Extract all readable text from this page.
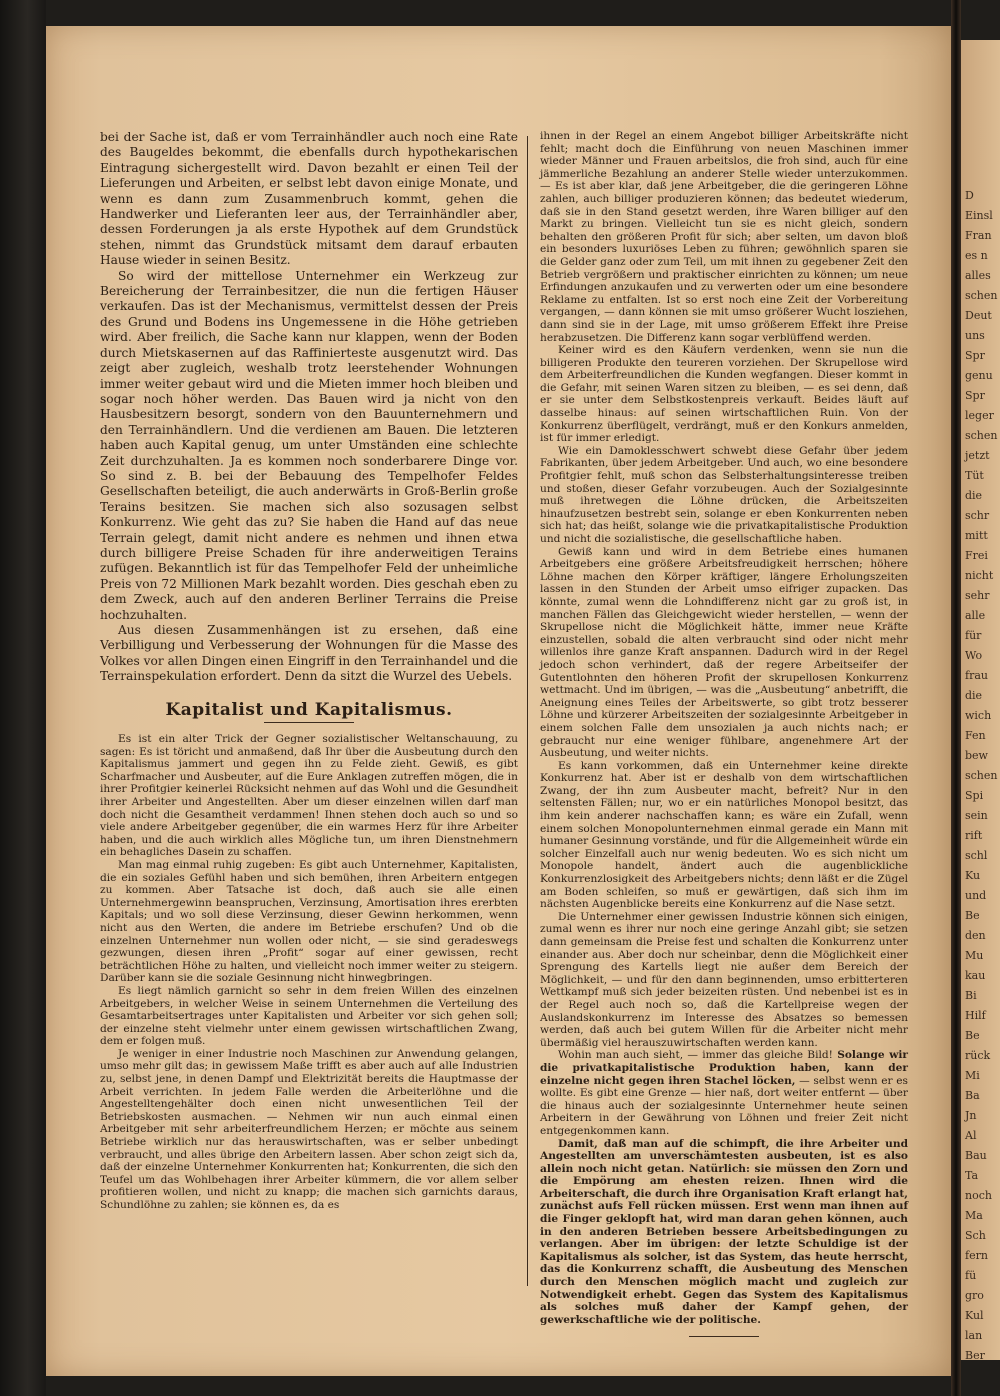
bei der Sache ist, daß er vom Terrainhändler auch noch eine Rate des Baugeldes bekommt, die ebenfalls durch hypothekarischen Eintragung sichergestellt wird. Davon bezahlt er einen Teil der Lieferungen und Arbeiten, er selbst lebt davon einige Monate, und wenn es dann zum Zusammenbruch kommt, gehen die Handwerker und Lieferanten leer aus, der Terrainhändler aber, dessen Forderungen ja als erste Hypothek auf dem Grundstück stehen, nimmt das Grundstück mitsamt dem darauf erbauten Hause wieder in seinen Besitz.

So wird der mittellose Unternehmer ein Werkzeug zur Bereicherung der Terrainbesitzer, die nun die fertigen Häuser verkaufen. Das ist der Mechanismus, vermittelst dessen der Preis des Grund und Bodens ins Ungemessene in die Höhe getrieben wird. Aber freilich, die Sache kann nur klappen, wenn der Boden durch Mietskasernen auf das Raffinierteste ausgenutzt wird. Das zeigt aber zugleich, weshalb trotz leerstehender Wohnungen immer weiter gebaut wird und die Mieten immer hoch bleiben und sogar noch höher werden. Das Bauen wird ja nicht von den Hausbesitzern besorgt, sondern von den Bauunternehmern und den Terrainhändlern. Und die verdienen am Bauen. Die letzteren haben auch Kapital genug, um unter Umständen eine schlechte Zeit durchzuhalten. Ja es kommen noch sonderbarere Dinge vor. So sind z. B. bei der Bebauung des Tempelhofer Feldes Gesellschaften beteiligt, die auch anderwärts in Groß-Berlin große Terains besitzen. Sie machen sich also sozusagen selbst Konkurrenz. Wie geht das zu? Sie haben die Hand auf das neue Terrain gelegt, damit nicht andere es nehmen und ihnen etwa durch billigere Preise Schaden für ihre anderweitigen Terains zufügen. Bekanntlich ist für das Tempelhofer Feld der unheimliche Preis von 72 Millionen Mark bezahlt worden. Dies geschah eben zu dem Zweck, auch auf den anderen Berliner Terrains die Preise hochzuhalten.

Aus diesen Zusammenhängen ist zu ersehen, daß eine Verbilligung und Verbesserung der Wohnungen für die Masse des Volkes vor allen Dingen einen Eingriff in den Terrainhandel und die Terrainspekulation erfordert. Denn da sitzt die Wurzel des Uebels.

Kapitalist und Kapitalismus.

Es ist ein alter Trick der Gegner sozialistischer Weltanschauung, zu sagen: Es ist töricht und anmaßend, daß Ihr über die Ausbeutung durch den Kapitalismus jammert und gegen ihn zu Felde zieht. Gewiß, es gibt Scharfmacher und Ausbeuter, auf die Eure Anklagen zutreffen mögen, die in ihrer Profitgier keinerlei Rücksicht nehmen auf das Wohl und die Gesundheit ihrer Arbeiter und Angestellten. Aber um dieser einzelnen willen darf man doch nicht die Gesamtheit verdammen! Ihnen stehen doch auch so und so viele andere Arbeitgeber gegenüber, die ein warmes Herz für ihre Arbeiter haben, und die auch wirklich alles Mögliche tun, um ihren Dienstnehmern ein behagliches Dasein zu schaffen.

Man mag einmal ruhig zugeben: Es gibt auch Unternehmer, Kapitalisten, die ein soziales Gefühl haben und sich bemühen, ihren Arbeitern entgegen zu kommen. Aber Tatsache ist doch, daß auch sie alle einen Unternehmergewinn beanspruchen, Verzinsung, Amortisation ihres ererbten Kapitals; und wo soll diese Verzinsung, dieser Gewinn herkommen, wenn nicht aus den Werten, die andere im Betriebe erschufen? Und ob die einzelnen Unternehmer nun wollen oder nicht, — sie sind geradeswegs gezwungen, diesen ihren „Profit“ sogar auf einer gewissen, recht beträchtlichen Höhe zu halten, und vielleicht noch immer weiter zu steigern. Darüber kann sie die soziale Gesinnung nicht hinwegbringen.

Es liegt nämlich garnicht so sehr in dem freien Willen des einzelnen Arbeitgebers, in welcher Weise in seinem Unternehmen die Verteilung des Gesamtarbeitsertrages unter Kapitalisten und Arbeiter vor sich gehen soll; der einzelne steht vielmehr unter einem gewissen wirtschaftlichen Zwang, dem er folgen muß.

Je weniger in einer Industrie noch Maschinen zur Anwendung gelangen, umso mehr gilt das; in gewissem Maße trifft es aber auch auf alle Industrien zu, selbst jene, in denen Dampf und Elektrizität bereits die Hauptmasse der Arbeit verrichten. In jedem Falle werden die Arbeiterlöhne und die Angestelltengehälter doch einen nicht unwesentlichen Teil der Betriebskosten ausmachen. — Nehmen wir nun auch einmal einen Arbeitgeber mit sehr arbeiterfreundlichem Herzen; er möchte aus seinem Betriebe wirklich nur das herauswirtschaften, was er selber unbedingt verbraucht, und alles übrige den Arbeitern lassen. Aber schon zeigt sich da, daß der einzelne Unternehmer Konkurrenten hat; Konkurrenten, die sich den Teufel um das Wohlbehagen ihrer Arbeiter kümmern, die vor allem selber profitieren wollen, und nicht zu knapp; die machen sich garnichts daraus, Schundlöhne zu zahlen; sie können es, da es

ihnen in der Regel an einem Angebot billiger Arbeitskräfte nicht fehlt; macht doch die Einführung von neuen Maschinen immer wieder Männer und Frauen arbeitslos, die froh sind, auch für eine jämmerliche Bezahlung an anderer Stelle wieder unterzukommen. — Es ist aber klar, daß jene Arbeitgeber, die die geringeren Löhne zahlen, auch billiger produzieren können; das bedeutet wiederum, daß sie in den Stand gesetzt werden, ihre Waren billiger auf den Markt zu bringen. Vielleicht tun sie es nicht gleich, sondern behalten den größeren Profit für sich; aber selten, um davon bloß ein besonders luxuriöses Leben zu führen; gewöhnlich sparen sie die Gelder ganz oder zum Teil, um mit ihnen zu gegebener Zeit den Betrieb vergrößern und praktischer einrichten zu können; um neue Erfindungen anzukaufen und zu verwerten oder um eine besondere Reklame zu entfalten. Ist so erst noch eine Zeit der Vorbereitung vergangen, — dann können sie mit umso größerer Wucht losziehen, dann sind sie in der Lage, mit umso größerem Effekt ihre Preise herabzusetzen. Die Differenz kann sogar verblüffend werden.

Keiner wird es den Käufern verdenken, wenn sie nun die billigeren Produkte den teureren vorziehen. Der Skrupellose wird dem Arbeiterfreundlichen die Kunden wegfangen. Dieser kommt in die Gefahr, mit seinen Waren sitzen zu bleiben, — es sei denn, daß er sie unter dem Selbstkostenpreis verkauft. Beides läuft auf dasselbe hinaus: auf seinen wirtschaftlichen Ruin. Von der Konkurrenz überflügelt, verdrängt, muß er den Konkurs anmelden, ist für immer erledigt.

Wie ein Damoklesschwert schwebt diese Gefahr über jedem Fabrikanten, über jedem Arbeitgeber. Und auch, wo eine besondere Profitgier fehlt, muß schon das Selbsterhaltungsinteresse treiben und stoßen, dieser Gefahr vorzubeugen. Auch der Sozialgesinnte muß ihretwegen die Löhne drücken, die Arbeitszeiten hinaufzusetzen bestrebt sein, solange er eben Konkurrenten neben sich hat; das heißt, solange wie die privatkapitalistische Produktion und nicht die sozialistische, die gesellschaftliche haben.

Gewiß kann und wird in dem Betriebe eines humanen Arbeitgebers eine größere Arbeitsfreudigkeit herrschen; höhere Löhne machen den Körper kräftiger, längere Erholungszeiten lassen in den Stunden der Arbeit umso eifriger zupacken. Das könnte, zumal wenn die Lohndifferenz nicht gar zu groß ist, in manchen Fällen das Gleichgewicht wieder herstellen, — wenn der Skrupellose nicht die Möglichkeit hätte, immer neue Kräfte einzustellen, sobald die alten verbraucht sind oder nicht mehr willenlos ihre ganze Kraft anspannen. Dadurch wird in der Regel jedoch schon verhindert, daß der regere Arbeitseifer der Gutentlohnten den höheren Profit der skrupellosen Konkurrenz wettmacht. Und im übrigen, — was die „Ausbeutung“ anbetrifft, die Aneignung eines Teiles der Arbeitswerte, so gibt trotz besserer Löhne und kürzerer Arbeitszeiten der sozialgesinnte Arbeitgeber in einem solchen Falle dem unsozialen ja auch nichts nach; er gebraucht nur eine weniger fühlbare, angenehmere Art der Ausbeutung, und weiter nichts.

Es kann vorkommen, daß ein Unternehmer keine direkte Konkurrenz hat. Aber ist er deshalb von dem wirtschaftlichen Zwang, der ihn zum Ausbeuter macht, befreit? Nur in den seltensten Fällen; nur, wo er ein natürliches Monopol besitzt, das ihm kein anderer nachschaffen kann; es wäre ein Zufall, wenn einem solchen Monopolunternehmen einmal gerade ein Mann mit humaner Gesinnung vorstände, und für die Allgemeinheit würde ein solcher Einzelfall auch nur wenig bedeuten. Wo es sich nicht um Monopole handelt, ändert auch die augenblickliche Konkurrenzlosigkeit des Arbeitgebers nichts; denn läßt er die Zügel am Boden schleifen, so muß er gewärtigen, daß sich ihm im nächsten Augenblicke bereits eine Konkurrenz auf die Nase setzt.

Die Unternehmer einer gewissen Industrie können sich einigen, zumal wenn es ihrer nur noch eine geringe Anzahl gibt; sie setzen dann gemeinsam die Preise fest und schalten die Konkurrenz unter einander aus. Aber doch nur scheinbar, denn die Möglichkeit einer Sprengung des Kartells liegt nie außer dem Bereich der Möglichkeit, — und für den dann beginnenden, umso erbitterteren Wettkampf muß sich jeder beizeiten rüsten. Und nebenbei ist es in der Regel auch noch so, daß die Kartellpreise wegen der Auslandskonkurrenz im Interesse des Absatzes so bemessen werden, daß auch bei gutem Willen für die Arbeiter nicht mehr übermäßig viel herauszuwirtschaften werden kann.

Wohin man auch sieht, — immer das gleiche Bild! Solange wir die privatkapitalistische Produktion haben, kann der einzelne nicht gegen ihren Stachel löcken, — selbst wenn er es wollte. Es gibt eine Grenze — hier naß, dort weiter entfernt — über die hinaus auch der sozialgesinnte Unternehmer heute seinen Arbeitern in der Gewährung von Löhnen und freier Zeit nicht entgegenkommen kann.

Damit, daß man auf die schimpft, die ihre Arbeiter und Angestellten am unverschämtesten ausbeuten, ist es also allein noch nicht getan. Natürlich: sie müssen den Zorn und die Empörung am ehesten reizen. Ihnen wird die Arbeiterschaft, die durch ihre Organisation Kraft erlangt hat, zunächst aufs Fell rücken müssen. Erst wenn man ihnen auf die Finger geklopft hat, wird man daran gehen können, auch in den anderen Betrieben bessere Arbeitsbedingungen zu verlangen. Aber im übrigen: der letzte Schuldige ist der Kapitalismus als solcher, ist das System, das heute herrscht, das die Konkurrenz schafft, die Ausbeutung des Menschen durch den Menschen möglich macht und zugleich zur Notwendigkeit erhebt. Gegen das System des Kapitalismus als solches muß daher der Kampf gehen, der gewerkschaftliche wie der politische.

D
Einsl
Fran
es n
alles
schen
Deut
uns
Spr
genu
Spr
leger
schen
jetzt
Tüt
die
schr
mitt
Frei
nicht
sehr
alle
für
Wo
frau
die
wich
Fen
bew
schen
Spi
sein
rift
schl
Ku
und
Be
den
Mu
kau
Bi
Hilf
Be
rück
Mi
Ba
Jn
Al
Bau
Ta
noch
Ma
Sch
fern
fü
gro
Kul
lan
Ber
